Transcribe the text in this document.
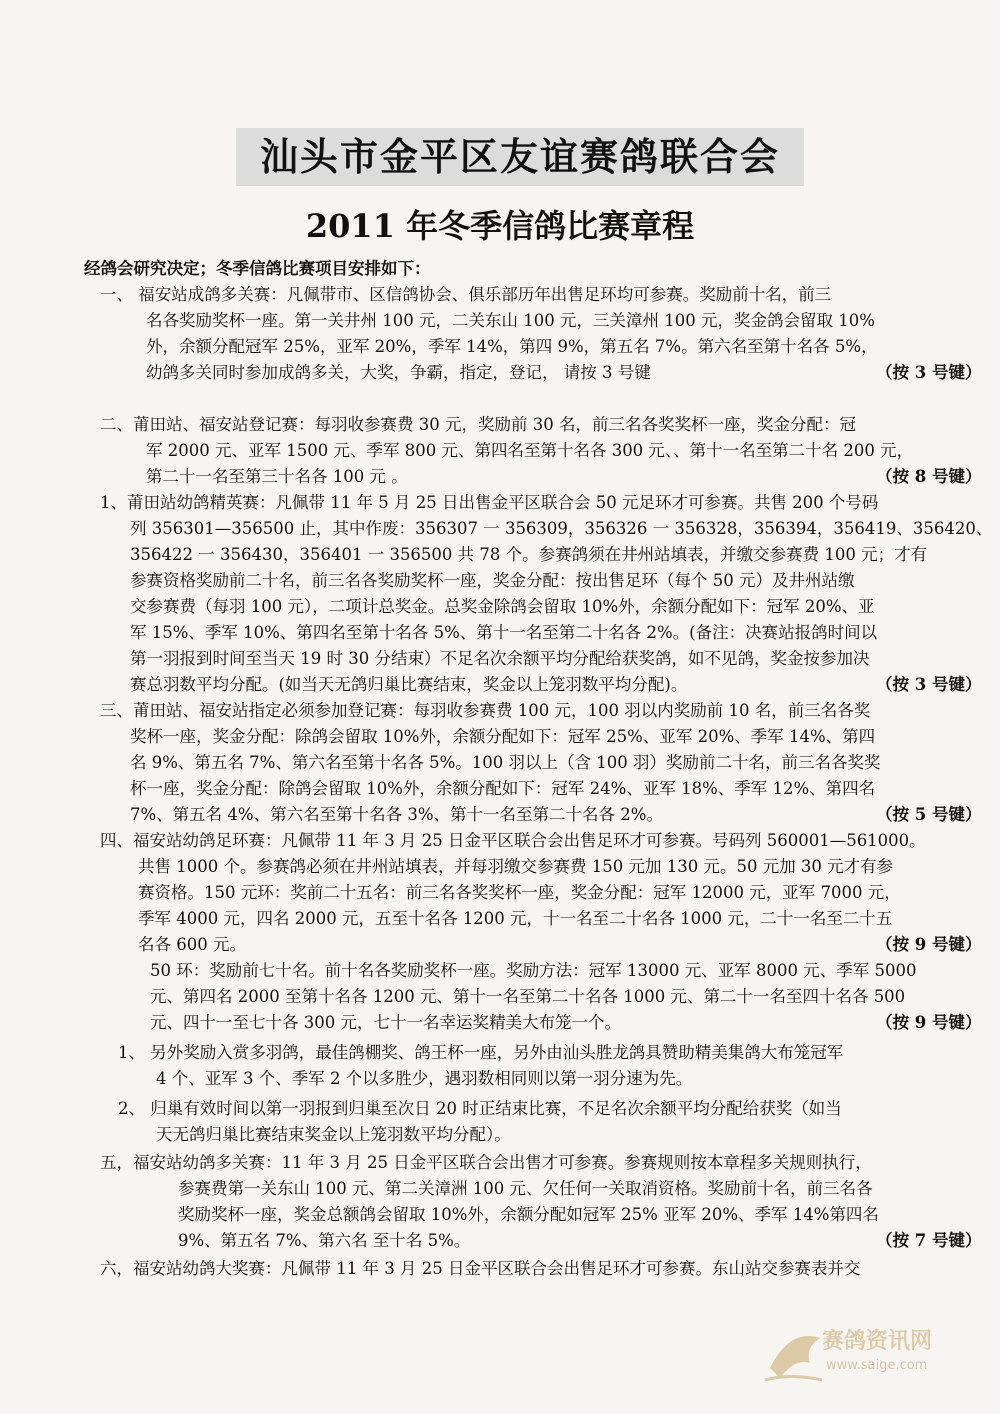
汕头市金平区友谊赛鸽联合会
2011 年冬季信鸽比赛章程
经鸽会研究决定；冬季信鸽比赛项目安排如下：
一、 福安站成鸽多关赛：凡佩带市、区信鸽协会、俱乐部历年出售足环均可参赛。奖励前十名，前三
名各奖励奖杯一座。第一关井州 100 元，二关东山 100 元，三关漳州 100 元，奖金鸽会留取 10%
外，余额分配冠军 25%，亚军 20%，季军 14%，第四 9%，第五名 7%。第六名至第十名各 5%，
幼鸽多关同时参加成鸽多关，大奖，争霸，指定，登记， 请按 3 号键	（按 3 号键）
二、莆田站、福安站登记赛：每羽收参赛费 30 元，奖励前 30 名，前三名各奖奖杯一座，奖金分配：冠
军 2000 元、亚军 1500 元、季军 800 元、第四名至第十名各 300 元、、第十一名至第二十名 200 元，
第二十一名至第三十名各 100 元 。	（按 8 号键）
1、莆田站幼鸽精英赛：凡佩带 11 年 5 月 25 日出售金平区联合会 50 元足环才可参赛。共售 200 个号码
列 356301—356500 止，其中作废：356307 一 356309，356326 一 356328，356394，356419、356420、
356422 一 356430，356401 一 356500 共 78 个。参赛鸽须在井州站填表，并缴交参赛费 100 元；才有
参赛资格奖励前二十名，前三名各奖励奖杯一座，奖金分配：按出售足环（每个 50 元）及井州站缴
交参赛费（每羽 100 元），二项计总奖金。总奖金除鸽会留取 10%外，余额分配如下：冠军 20%、亚
军 15%、季军 10%、第四名至第十名各 5%、第十一名至第二十名各 2%。(备注：决赛站报鸽时间以
第一羽报到时间至当天 19 时 30 分结束）不足名次余额平均分配给获奖鸽，如不见鸽，奖金按参加决
赛总羽数平均分配。(如当天无鸽归巢比赛结束，奖金以上笼羽数平均分配)。	（按 3 号键）
三、莆田站、福安站指定必须参加登记赛：每羽收参赛费 100 元，100 羽以内奖励前 10 名，前三名各奖
奖杯一座，奖金分配：除鸽会留取 10%外，余额分配如下：冠军 25%、亚军 20%、季军 14%、第四
名 9%、第五名 7%、第六名至第十名各 5%。100 羽以上（含 100 羽）奖励前二十名，前三名各奖奖
杯一座，奖金分配：除鸽会留取 10%外，余额分配如下：冠军 24%、亚军 18%、季军 12%、第四名
7%、第五名 4%、第六名至第十名各 3%、第十一名至第二十名各 2%。	（按 5 号键）
四、福安站幼鸽足环赛：凡佩带 11 年 3 月 25 日金平区联合会出售足环才可参赛。号码列 560001—561000。
共售 1000 个。参赛鸽必须在井州站填表，并每羽缴交参赛费 150 元加 130 元。50 元加 30 元才有参
赛资格。150 元环：奖前二十五名：前三名各奖奖杯一座，奖金分配：冠军 12000 元，亚军 7000 元，
季军 4000 元，四名 2000 元，五至十名各 1200 元，十一名至二十名各 1000 元，二十一名至二十五
名各 600 元。	（按 9 号键）
50 环：奖励前七十名。前十名各奖励奖杯一座。奖励方法：冠军 13000 元、亚军 8000 元、季军 5000
元、第四名 2000 至第十名各 1200 元、第十一名至第二十名各 1000 元、第二十一名至四十名各 500
元、四十一至七十各 300 元，七十一名幸运奖精美大布笼一个。	（按 9 号键）
1、 另外奖励入赏多羽鸽，最佳鸽棚奖、鸽王杯一座，另外由汕头胜龙鸽具赞助精美集鸽大布笼冠军
4 个、亚军 3 个、季军 2 个以多胜少，遇羽数相同则以第一羽分速为先。
2、 归巢有效时间以第一羽报到归巢至次日 20 时正结束比赛，不足名次余额平均分配给获奖（如当
天无鸽归巢比赛结束奖金以上笼羽数平均分配）。
五，福安站幼鸽多关赛：11 年 3 月 25 日金平区联合会出售才可参赛。参赛规则按本章程多关规则执行，
参赛费第一关东山 100 元、第二关漳洲 100 元、欠任何一关取消资格。奖励前十名，前三名各
奖励奖杯一座，奖金总额鸽会留取 10%外，余额分配如冠军 25% 亚军 20%、季军 14%第四名
9%、第五名 7%、第六名 至十名 5%。	（按 7 号键）
六，福安站幼鸽大奖赛：凡佩带 11 年 3 月 25 日金平区联合会出售足环才可参赛。东山站交参赛表并交
赛鸽资讯网
www.saige.com
